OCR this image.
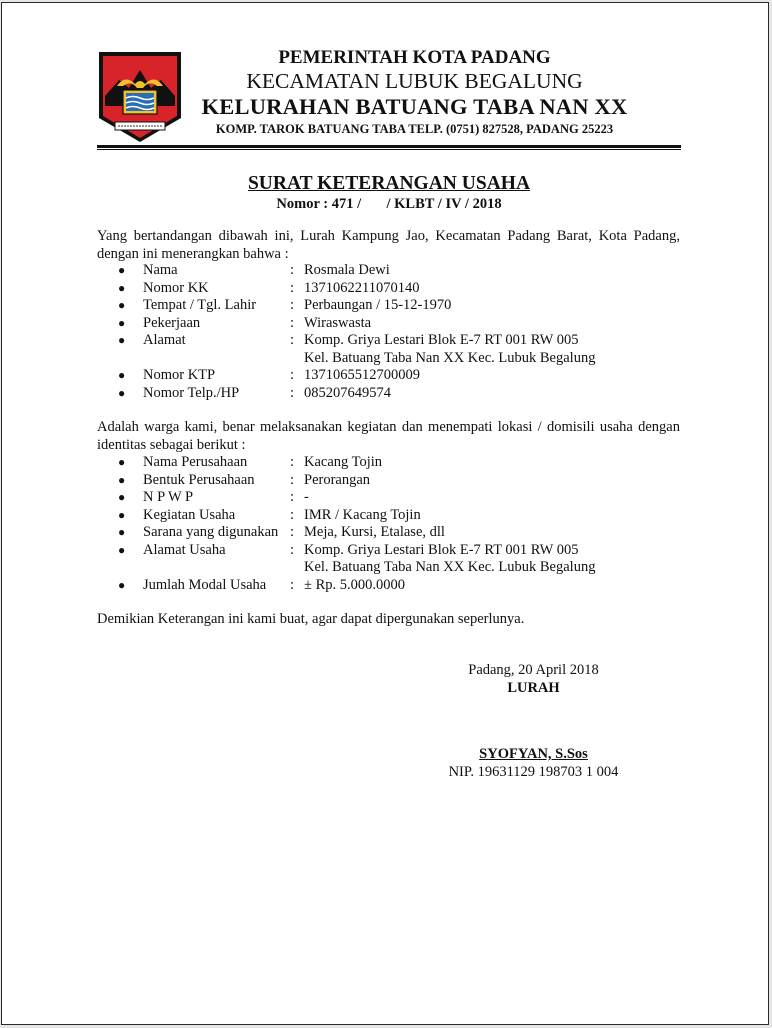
PEMERINTAH KOTA PADANG
KECAMATAN LUBUK BEGALUNG
KELURAHAN BATUANG TABA NAN XX
KOMP. TAROK BATUANG TABA TELP. (0751) 827528, PADANG 25223
SURAT KETERANGAN USAHA
Nomor : 471 /       / KLBT / IV / 2018
Yang bertandangan dibawah ini, Lurah Kampung Jao, Kecamatan Padang Barat, Kota Padang, dengan ini menerangkan bahwa :
●	Nama	: Rosmala Dewi
●	Nomor KK	: 1371062211070140
●	Tempat / Tgl. Lahir	: Perbaungan / 15-12-1970
●	Pekerjaan	: Wiraswasta
●	Alamat	: Komp. Griya Lestari Blok E-7 RT 001 RW 005
Kel. Batuang Taba Nan XX Kec. Lubuk Begalung
●	Nomor KTP	: 1371065512700009
●	Nomor Telp./HP	: 085207649574
Adalah warga kami, benar melaksanakan kegiatan dan menempati lokasi / domisili usaha dengan identitas sebagai berikut :
●	Nama Perusahaan	: Kacang Tojin
●	Bentuk Perusahaan	: Perorangan
●	N P W P	: -
●	Kegiatan Usaha	: IMR / Kacang Tojin
●	Sarana yang digunakan : Meja, Kursi, Etalase, dll
●	Alamat Usaha	: Komp. Griya Lestari Blok E-7 RT 001 RW 005
Kel. Batuang Taba Nan XX Kec. Lubuk Begalung
●	Jumlah Modal Usaha	: ± Rp. 5.000.0000
Demikian Keterangan ini kami buat, agar dapat dipergunakan seperlunya.
Padang, 20 April 2018
LURAH
SYOFYAN, S.Sos
NIP. 19631129 198703 1 004
